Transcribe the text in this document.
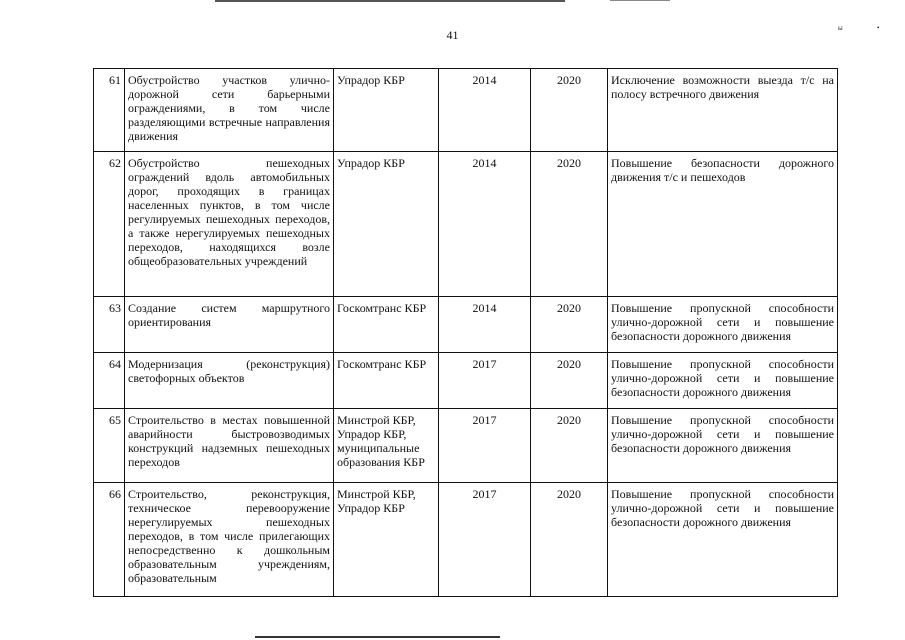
ы	•
41
61	Обустройство участков улично-дорожной сети барьерными ограждениями, в том числе разделяющими встречные направления движения	Упрадор КБР	2014	2020	Исключение возможности выезда т/с на полосу встречного движения
62	Обустройство пешеходных ограждений вдоль автомобильных дорог, проходящих в границах населенных пунктов, в том числе регулируемых пешеходных переходов, а также нерегулируемых пешеходных переходов, находящихся возле общеобразовательных учреждений	Упрадор КБР	2014	2020	Повышение безопасности дорожного движения т/с и пешеходов
63	Создание систем маршрутного ориентирования	Госкомтранс КБР	2014	2020	Повышение пропускной способности улично-дорожной сети и повышение безопасности дорожного движения
64	Модернизация (реконструкция) светофорных объектов	Госкомтранс КБР	2017	2020	Повышение пропускной способности улично-дорожной сети и повышение безопасности дорожного движения
65	Строительство в местах повышенной аварийности быстровозводимых конструкций надземных пешеходных переходов	Минстрой КБР, Упрадор КБР, муниципальные образования КБР	2017	2020	Повышение пропускной способности улично-дорожной сети и повышение безопасности дорожного движения
66	Строительство, реконструкция, техническое перевооружение нерегулируемых пешеходных переходов, в том числе прилегающих непосредственно к дошкольным образовательным учреждениям, образовательным	Минстрой КБР, Упрадор КБР	2017	2020	Повышение пропускной способности улично-дорожной сети и повышение безопасности дорожного движения
